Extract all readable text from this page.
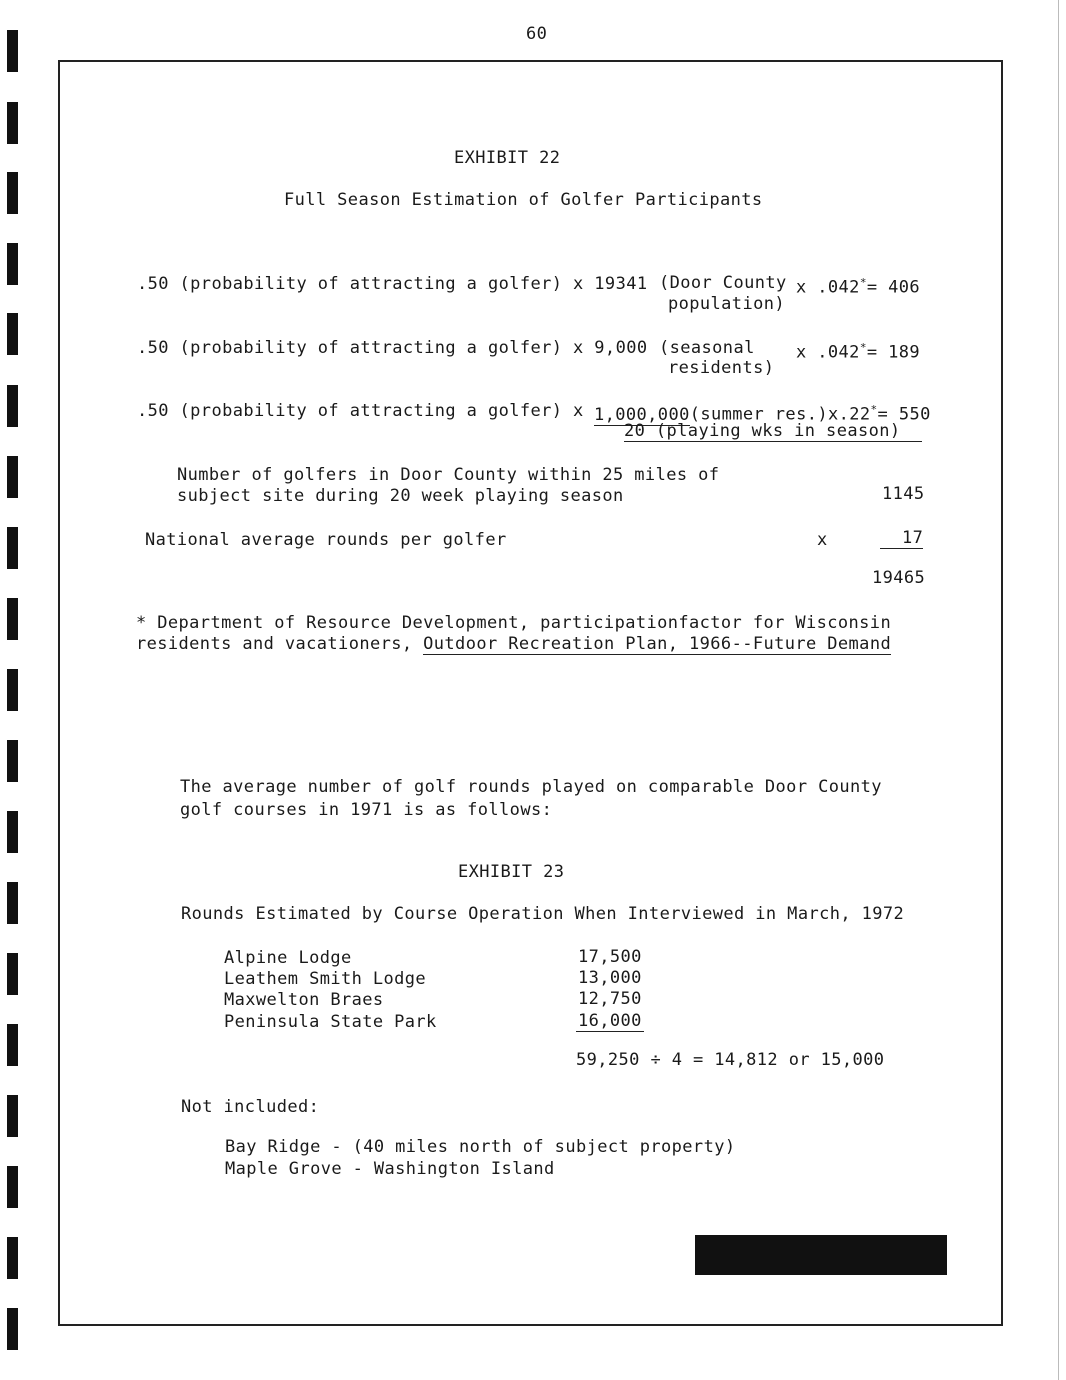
60
EXHIBIT 22
Full Season Estimation of Golfer Participants
.50 (probability of attracting a golfer) x 19341 (Door County x .042*= 406
population)
.50 (probability of attracting a golfer) x 9,000 (seasonal x .042*= 189
residents)
.50 (probability of attracting a golfer) x 1,000,000(summer res.)x.22*= 550
20 (playing wks in season)
Number of golfers in Door County within 25 miles of
subject site during 20 week playing season	1145
National average rounds per golfer	x	17
19465
* Department of Resource Development, participationfactor for Wisconsin
residents and vacationers, Outdoor Recreation Plan, 1966--Future Demand
The average number of golf rounds played on comparable Door County
golf courses in 1971 is as follows:
EXHIBIT 23
Rounds Estimated by Course Operation When Interviewed in March, 1972
Alpine Lodge	17,500
Leathem Smith Lodge	13,000
Maxwelton Braes	12,750
Peninsula State Park	16,000
59,250 ÷ 4 = 14,812 or 15,000
Not included:
Bay Ridge - (40 miles north of subject property)
Maple Grove - Washington Island
